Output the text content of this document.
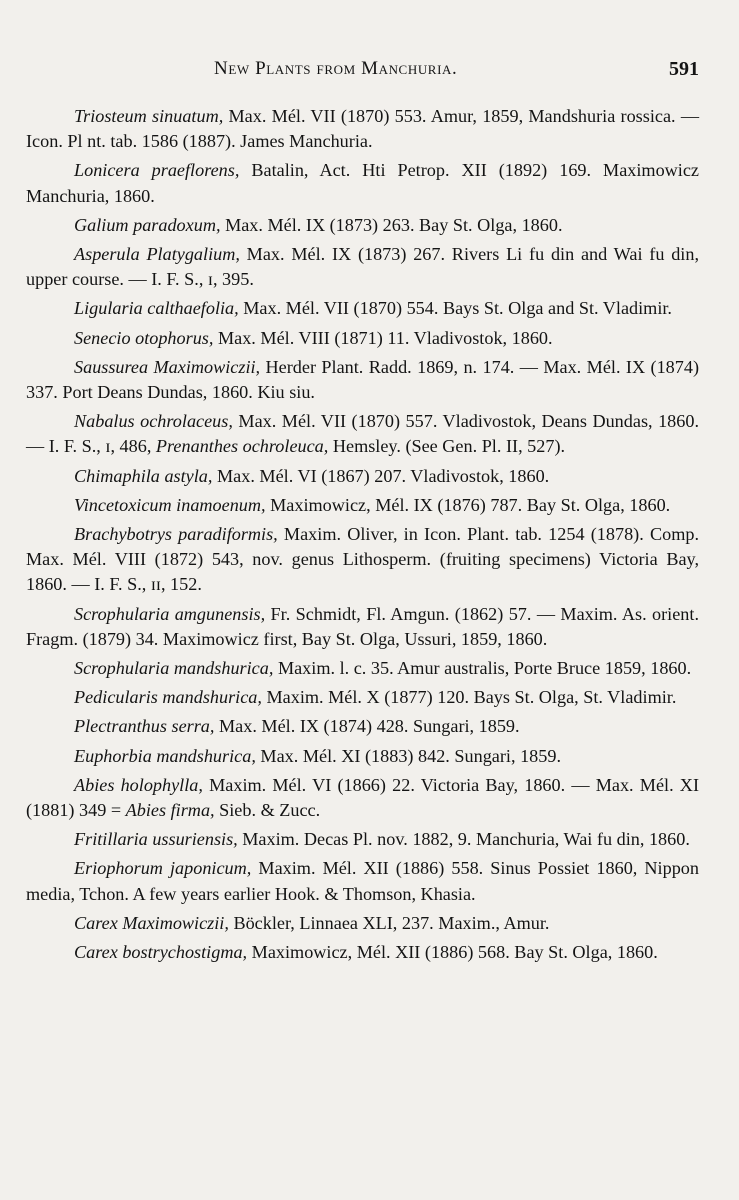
New Plants from Manchuria.	591

Triosteum sinuatum, Max. Mél. VII (1870) 553. Amur, 1859, Mandshuria rossica. — Icon. Pl nt. tab. 1586 (1887). James Manchuria.

Lonicera praeflorens, Batalin, Act. Hti Petrop. XII (1892) 169. Maximowicz Manchuria, 1860.

Galium paradoxum, Max. Mél. IX (1873) 263. Bay St. Olga, 1860.

Asperula Platygalium, Max. Mél. IX (1873) 267. Rivers Li fu din and Wai fu din, upper course. — I. F. S., ɪ, 395.

Ligularia calthaefolia, Max. Mél. VII (1870) 554. Bays St. Olga and St. Vladimir.

Senecio otophorus, Max. Mél. VIII (1871) 11. Vladivostok, 1860.

Saussurea Maximowiczii, Herder Plant. Radd. 1869, n. 174. — Max. Mél. IX (1874) 337. Port Deans Dundas, 1860. Kiu siu.

Nabalus ochrolaceus, Max. Mél. VII (1870) 557. Vladivostok, Deans Dundas, 1860. — I. F. S., ɪ, 486, Prenanthes ochroleuca, Hemsley. (See Gen. Pl. II, 527).

Chimaphila astyla, Max. Mél. VI (1867) 207. Vladivostok, 1860.

Vincetoxicum inamoenum, Maximowicz, Mél. IX (1876) 787. Bay St. Olga, 1860.

Brachybotrys paradiformis, Maxim. Oliver, in Icon. Plant. tab. 1254 (1878). Comp. Max. Mél. VIII (1872) 543, nov. genus Lithosperm. (fruiting specimens) Victoria Bay, 1860. — I. F. S., ɪɪ, 152.

Scrophularia amgunensis, Fr. Schmidt, Fl. Amgun. (1862) 57. — Maxim. As. orient. Fragm. (1879) 34. Maximowicz first, Bay St. Olga, Ussuri, 1859, 1860.

Scrophularia mandshurica, Maxim. l. c. 35. Amur australis, Porte Bruce 1859, 1860.

Pedicularis mandshurica, Maxim. Mél. X (1877) 120. Bays St. Olga, St. Vladimir.

Plectranthus serra, Max. Mél. IX (1874) 428. Sungari, 1859.

Euphorbia mandshurica, Max. Mél. XI (1883) 842. Sungari, 1859.

Abies holophylla, Maxim. Mél. VI (1866) 22. Victoria Bay, 1860. — Max. Mél. XI (1881) 349 = Abies firma, Sieb. & Zucc.

Fritillaria ussuriensis, Maxim. Decas Pl. nov. 1882, 9. Manchuria, Wai fu din, 1860.

Eriophorum japonicum, Maxim. Mél. XII (1886) 558. Sinus Possiet 1860, Nippon media, Tchon. A few years earlier Hook. & Thomson, Khasia.

Carex Maximowiczii, Böckler, Linnaea XLI, 237. Maxim., Amur.

Carex bostrychostigma, Maximowicz, Mél. XII (1886) 568. Bay St. Olga, 1860.
